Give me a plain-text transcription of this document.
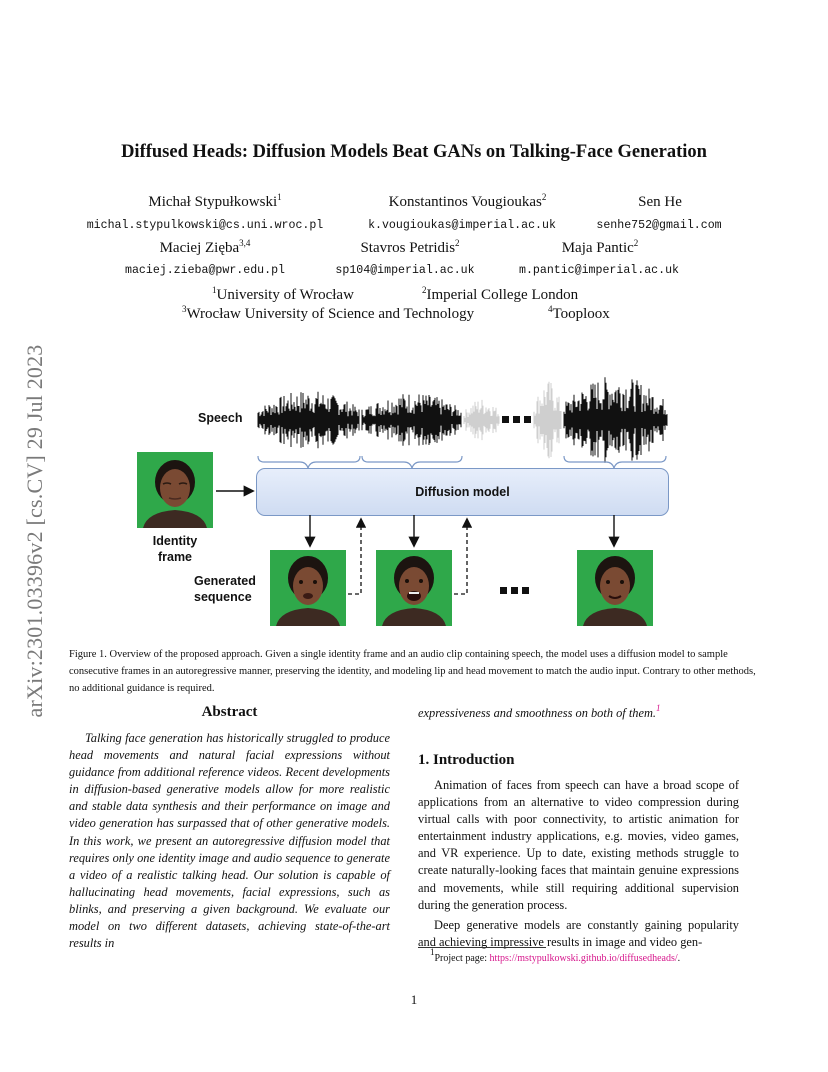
arXiv:2301.03396v2 [cs.CV] 29 Jul 2023
Diffused Heads: Diffusion Models Beat GANs on Talking-Face Generation
Michał Stypułkowski$^1$
michal.stypulkowski@cs.uni.wroc.pl
Konstantinos Vougioukas$^2$
k.vougioukas@imperial.ac.uk
Sen He
senhe752@gmail.com
Maciej Zięba$^{3,4}$
maciej.zieba@pwr.edu.pl
Stavros Petridis$^2$
sp104@imperial.ac.uk
Maja Pantic$^2$
m.pantic@imperial.ac.uk
$^1$University of Wrocław	$^2$Imperial College London
$^3$Wrocław University of Science and Technology	$^4$Tooploox
Speech
Diffusion model
Identity
frame
Generated
sequence
Figure 1. Overview of the proposed approach. Given a single identity frame and an audio clip containing speech, the model uses a diffusion model to sample consecutive frames in an autoregressive manner, preserving the identity, and modeling lip and head movement to match the audio input. Contrary to other methods, no additional guidance is required.
Abstract

Talking face generation has historically struggled to produce head movements and natural facial expressions without guidance from additional reference videos. Recent developments in diffusion-based generative models allow for more realistic and stable data synthesis and their performance on image and video generation has surpassed that of other generative models. In this work, we present an autoregressive diffusion model that requires only one identity image and audio sequence to generate a video of a realistic talking head. Our solution is capable of hallucinating head movements, facial expressions, such as blinks, and preserving a given background. We evaluate our model on two different datasets, achieving state-of-the-art results in

expressiveness and smoothness on both of them.$^1$
1. Introduction

Animation of faces from speech can have a broad scope of applications from an alternative to video compression during virtual calls with poor connectivity, to artistic animation for entertainment industry applications, e.g. movies, video games, and VR experience. Up to date, existing methods struggle to create naturally-looking faces that maintain genuine expressions and movements, while still requiring additional supervision during the generation process.

Deep generative models are constantly gaining popularity and achieving impressive results in image and video gen-

$^1$Project page: https://mstypulkowski.github.io/diffusedheads/.
1
